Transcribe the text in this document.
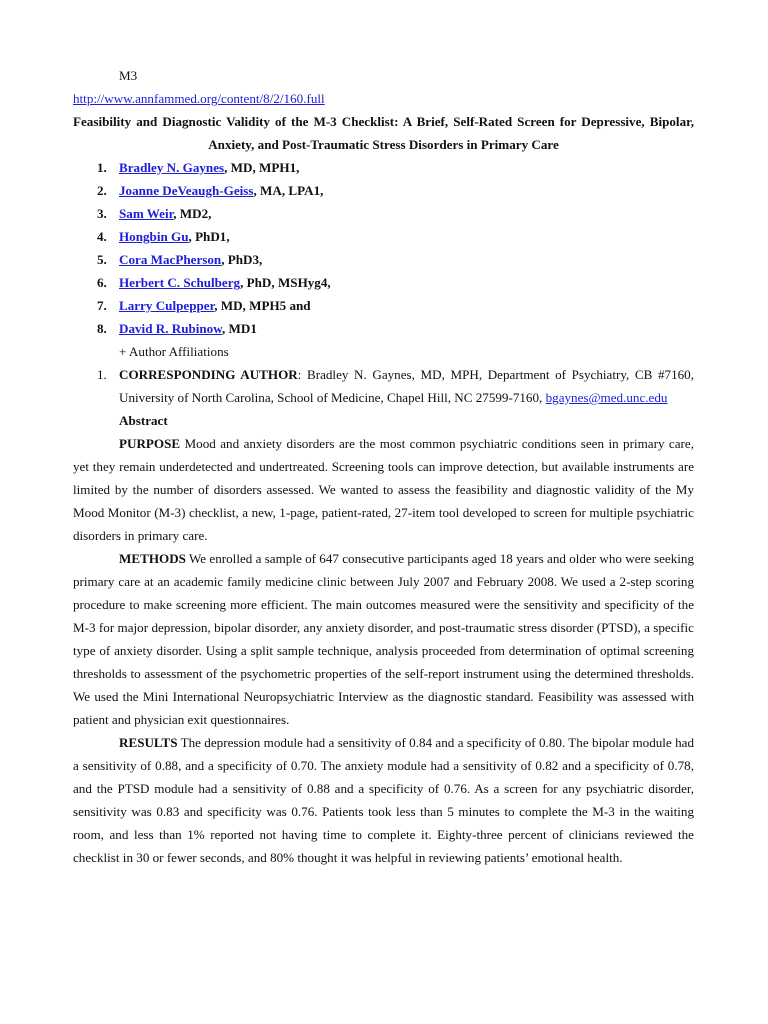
M3
http://www.annfammed.org/content/8/2/160.full

Feasibility and Diagnostic Validity of the M-3 Checklist: A Brief, Self-Rated Screen for Depressive, Bipolar, Anxiety, and Post-Traumatic Stress Disorders in Primary Care

1. Bradley N. Gaynes, MD, MPH1,
2. Joanne DeVeaugh-Geiss, MA, LPA1,
3. Sam Weir, MD2,
4. Hongbin Gu, PhD1,
5. Cora MacPherson, PhD3,
6. Herbert C. Schulberg, PhD, MSHyg4,
7. Larry Culpepper, MD, MPH5 and
8. David R. Rubinow, MD1
+ Author Affiliations
1. CORRESPONDING AUTHOR: Bradley N. Gaynes, MD, MPH, Department of Psychiatry, CB #7160, University of North Carolina, School of Medicine, Chapel Hill, NC 27599-7160, bgaynes@med.unc.edu
Abstract

PURPOSE Mood and anxiety disorders are the most common psychiatric conditions seen in primary care, yet they remain underdetected and undertreated. Screening tools can improve detection, but available instruments are limited by the number of disorders assessed. We wanted to assess the feasibility and diagnostic validity of the My Mood Monitor (M-3) checklist, a new, 1-page, patient-rated, 27-item tool developed to screen for multiple psychiatric disorders in primary care.

METHODS We enrolled a sample of 647 consecutive participants aged 18 years and older who were seeking primary care at an academic family medicine clinic between July 2007 and February 2008. We used a 2-step scoring procedure to make screening more efficient. The main outcomes measured were the sensitivity and specificity of the M-3 for major depression, bipolar disorder, any anxiety disorder, and post-traumatic stress disorder (PTSD), a specific type of anxiety disorder. Using a split sample technique, analysis proceeded from determination of optimal screening thresholds to assessment of the psychometric properties of the self-report instrument using the determined thresholds. We used the Mini International Neuropsychiatric Interview as the diagnostic standard. Feasibility was assessed with patient and physician exit questionnaires.

RESULTS The depression module had a sensitivity of 0.84 and a specificity of 0.80. The bipolar module had a sensitivity of 0.88, and a specificity of 0.70. The anxiety module had a sensitivity of 0.82 and a specificity of 0.78, and the PTSD module had a sensitivity of 0.88 and a specificity of 0.76. As a screen for any psychiatric disorder, sensitivity was 0.83 and specificity was 0.76. Patients took less than 5 minutes to complete the M-3 in the waiting room, and less than 1% reported not having time to complete it. Eighty-three percent of clinicians reviewed the checklist in 30 or fewer seconds, and 80% thought it was helpful in reviewing patients’ emotional health.
